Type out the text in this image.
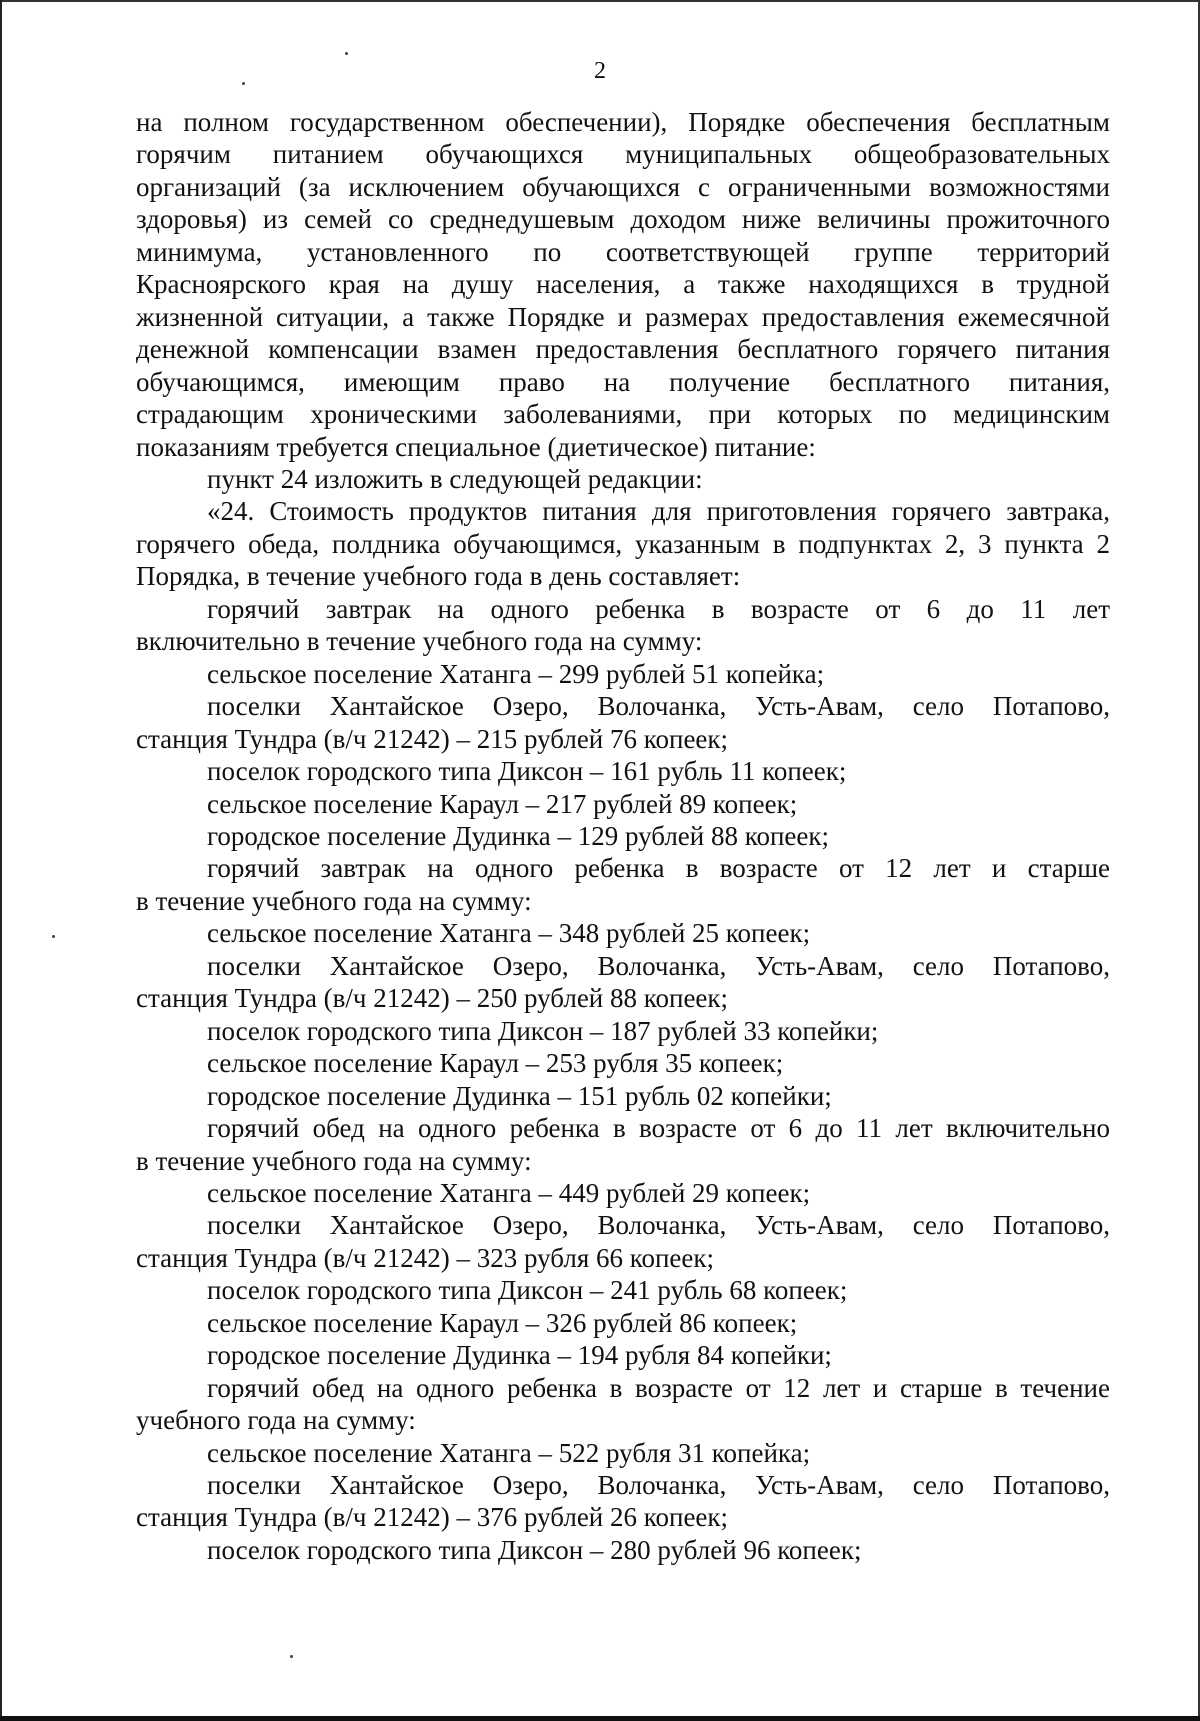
2

на полном государственном обеспечении), Порядке обеспечения бесплатным

горячим питанием обучающихся муниципальных общеобразовательных

организаций (за исключением обучающихся с ограниченными возможностями

здоровья) из семей со среднедушевым доходом ниже величины прожиточного

минимума, установленного по соответствующей группе территорий

Красноярского края на душу населения, а также находящихся в трудной

жизненной ситуации, а также Порядке и размерах предоставления ежемесячной

денежной компенсации взамен предоставления бесплатного горячего питания

обучающимся, имеющим право на получение бесплатного питания,

страдающим хроническими заболеваниями, при которых по медицинским

показаниям требуется специальное (диетическое) питание:

пункт 24 изложить в следующей редакции:

«24. Стоимость продуктов питания для приготовления горячего завтрака,

горячего обеда, полдника обучающимся, указанным в подпунктах 2, 3 пункта 2

Порядка, в течение учебного года в день составляет:

горячий завтрак на одного ребенка в возрасте от 6 до 11 лет

включительно в течение учебного года на сумму:

сельское поселение Хатанга – 299 рублей 51 копейка;

поселки Хантайское Озеро, Волочанка, Усть-Авам, село Потапово,

станция Тундра (в/ч 21242) – 215 рублей 76 копеек;

поселок городского типа Диксон – 161 рубль 11 копеек;

сельское поселение Караул – 217 рублей 89 копеек;

городское поселение Дудинка – 129 рублей 88 копеек;

горячий завтрак на одного ребенка в возрасте от 12 лет и старше

в течение учебного года на сумму:

сельское поселение Хатанга – 348 рублей 25 копеек;

поселки Хантайское Озеро, Волочанка, Усть-Авам, село Потапово,

станция Тундра (в/ч 21242) – 250 рублей 88 копеек;

поселок городского типа Диксон – 187 рублей 33 копейки;

сельское поселение Караул – 253 рубля 35 копеек;

городское поселение Дудинка – 151 рубль 02 копейки;

горячий обед на одного ребенка в возрасте от 6 до 11 лет включительно

в течение учебного года на сумму:

сельское поселение Хатанга – 449 рублей 29 копеек;

поселки Хантайское Озеро, Волочанка, Усть-Авам, село Потапово,

станция Тундра (в/ч 21242) – 323 рубля 66 копеек;

поселок городского типа Диксон – 241 рубль 68 копеек;

сельское поселение Караул – 326 рублей 86 копеек;

городское поселение Дудинка – 194 рубля 84 копейки;

горячий обед на одного ребенка в возрасте от 12 лет и старше в течение

учебного года на сумму:

сельское поселение Хатанга – 522 рубля 31 копейка;

поселки Хантайское Озеро, Волочанка, Усть-Авам, село Потапово,

станция Тундра (в/ч 21242) – 376 рублей 26 копеек;

поселок городского типа Диксон – 280 рублей 96 копеек;
